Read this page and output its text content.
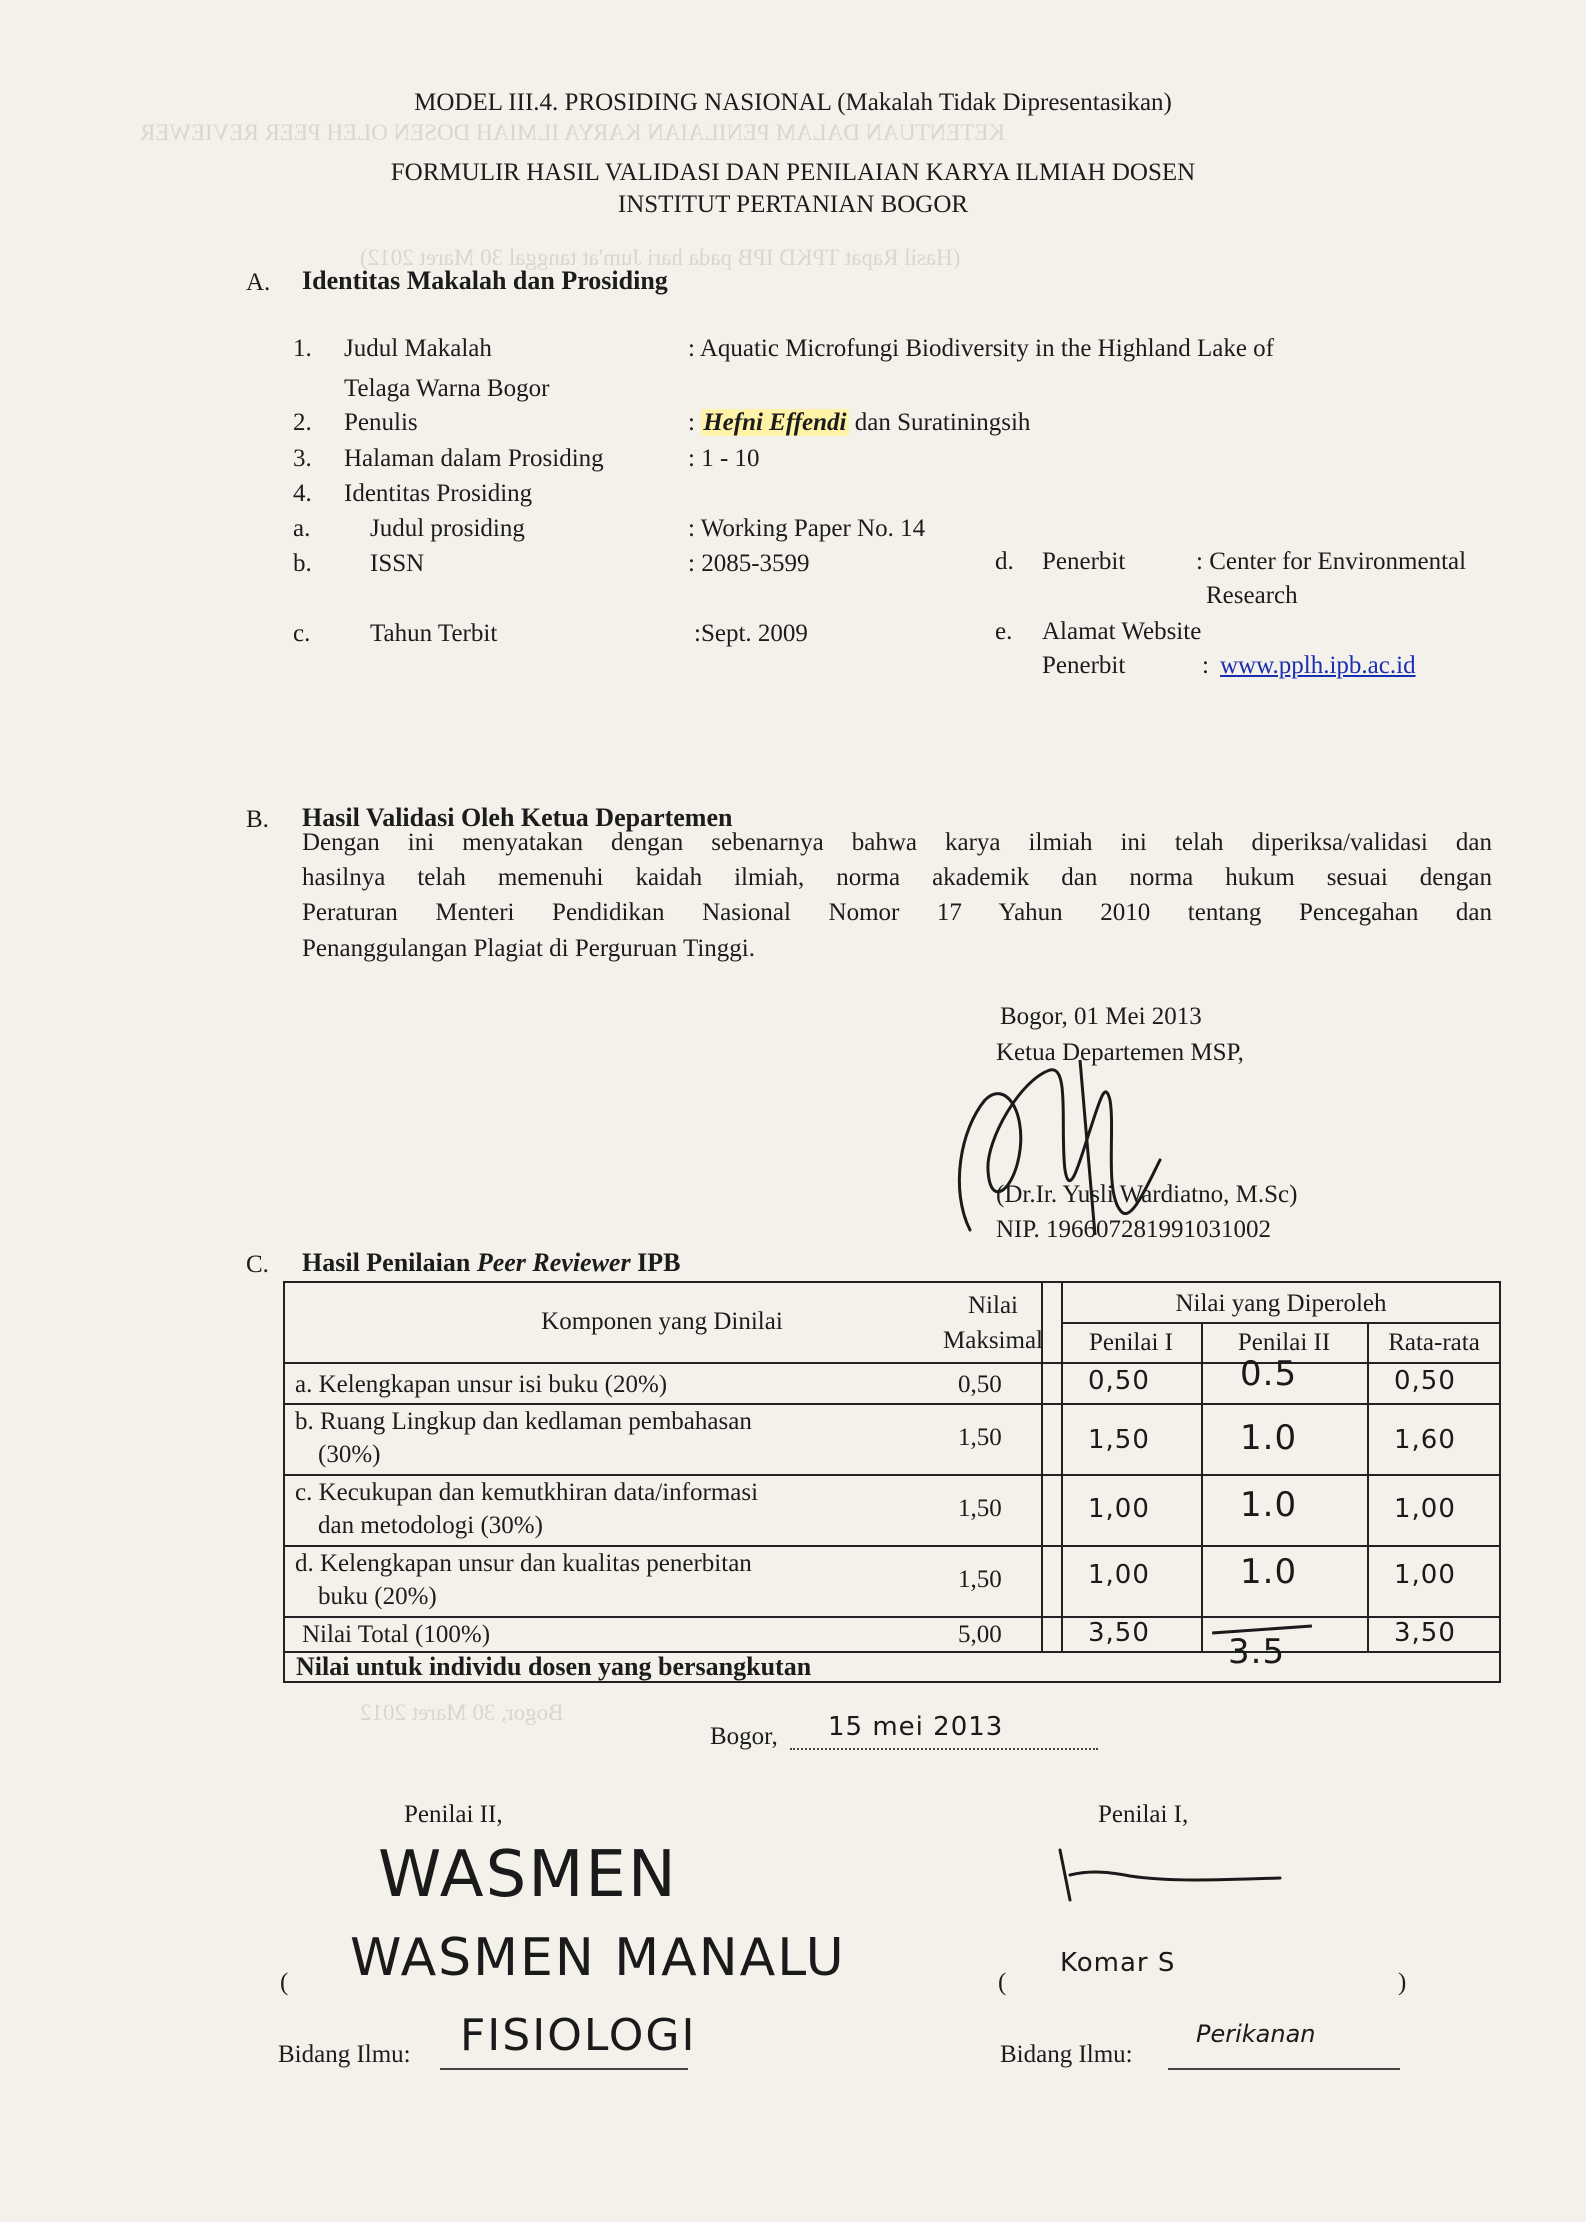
KETENTUAN DALAM PENILAIAN KARYA ILMIAH DOSEN OLEH PEER REVIEWER
(Hasil Rapat TPKD IPB pada hari Jum'at tanggal 30 Maret 2012)
Bogor, 30 Maret 2012
MODEL III.4. PROSIDING NASIONAL (Makalah Tidak Dipresentasikan)
FORMULIR HASIL VALIDASI DAN PENILAIAN KARYA ILMIAH DOSEN
INSTITUT PERTANIAN BOGOR
A. Identitas Makalah dan Prosiding
1. Judul Makalah	: Aquatic Microfungi Biodiversity in the Highland Lake of
Telaga Warna Bogor
2. Penulis	: Hefni Effendi dan Suratiningsih
3. Halaman dalam Prosiding	: 1 - 10
4. Identitas Prosiding
a. Judul prosiding	: Working Paper No. 14
b. ISSN	: 2085-3599	d. Penerbit	: Center for Environmental
Research
c. Tahun Terbit	:Sept. 2009	e. Alamat Website
Penerbit	: www.pplh.ipb.ac.id
B. Hasil Validasi Oleh Ketua Departemen
Dengan ini menyatakan dengan sebenarnya bahwa karya ilmiah ini telah diperiksa/validasi dan
hasilnya telah memenuhi kaidah ilmiah, norma akademik dan norma hukum sesuai dengan
Peraturan Menteri Pendidikan Nasional Nomor 17 Yahun 2010 tentang Pencegahan dan
Penanggulangan Plagiat di Perguruan Tinggi.
Bogor, 01 Mei 2013
Ketua Departemen MSP,
(Dr.Ir. Yusli Wardiatno, M.Sc)
NIP. 196607281991031002
C. Hasil Penilaian Peer Reviewer IPB
Komponen yang Dinilai
Nilai
Maksimal
Nilai yang Diperoleh
Penilai I	Penilai II	Rata-rata
a. Kelengkapan unsur isi buku (20%)	0,50	0,50	0.5	0,50
b. Ruang Lingkup dan kedlaman pembahasan
(30%)
1,50	1,50	1.0	1,60
c. Kecukupan dan kemutkhiran data/informasi
dan metodologi (30%)
1,50	1,00	1.0	1,00
d. Kelengkapan unsur dan kualitas penerbitan
buku (20%)
1,50	1,00	1.0	1,00
Nilai Total (100%)	5,00	3,50 3.5	3,50
Nilai untuk individu dosen yang bersangkutan
Bogor, 15 mei 2013
Penilai II,	Penilai I,
WASMEN
( WASMEN MANALU	(
Komar S
)
Bidang Ilmu: FISIOLOGI	Bidang Ilmu:
Perikanan
